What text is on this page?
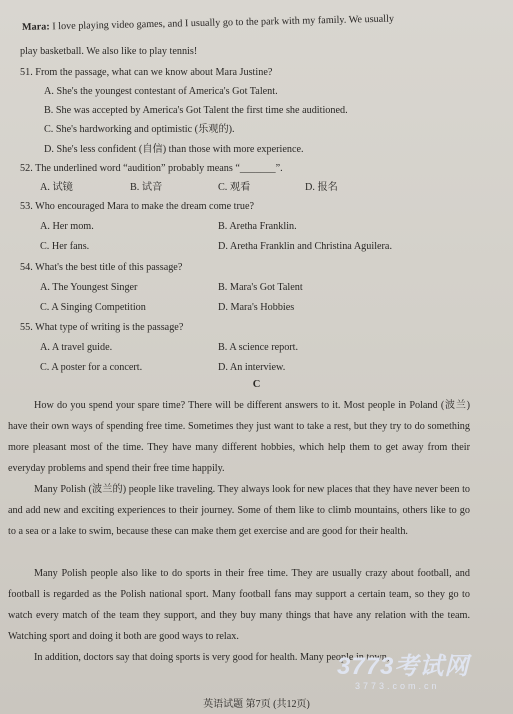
Mara: I love playing video games, and I usually go to the park with my family. We usually
play basketball. We also like to play tennis!
51. From the passage, what can we know about Mara Justine?
A. She's the youngest contestant of America's Got Talent.
B. She was accepted by America's Got Talent the first time she auditioned.
C. She's hardworking and optimistic (乐观的).
D. She's less confident (自信) than those with more experience.
52. The underlined word “audition” probably means “_______”.
A. 试镜	B. 试音	C. 观看	D. 报名
53. Who encouraged Mara to make the dream come true?
A. Her mom.	B. Aretha Franklin.
C. Her fans.	D. Aretha Franklin and Christina Aguilera.
54. What's the best title of this passage?
A. The Youngest Singer	B. Mara's Got Talent
C. A Singing Competition	D. Mara's Hobbies
55. What type of writing is the passage?
A. A travel guide.	B. A science report.
C. A poster for a concert.	D. An interview.
C
How do you spend your spare time? There will be different answers to it. Most people in Poland (波兰) have their own ways of spending free time. Sometimes they just want to take a rest, but they try to do something more pleasant most of the time. They have many different hobbies, which help them to get away from their everyday problems and spend their free time happily.
Many Polish (波兰的) people like traveling. They always look for new places that they have never been to and add new and exciting experiences to their journey. Some of them like to climb mountains, others like to go to a sea or a lake to swim, because these can make them get exercise and are good for their health.
Many Polish people also like to do sports in their free time. They are usually crazy about football, and football is regarded as the Polish national sport. Many football fans may support a certain team, so they go to watch every match of the team they support, and they buy many things that have any relation with the team. Watching sport and doing it both are good ways to relax.
In addition, doctors say that doing sports is very good for health. Many people in town,
3773考试网
3773.com.cn
英语试题 第7页 (共12页)
